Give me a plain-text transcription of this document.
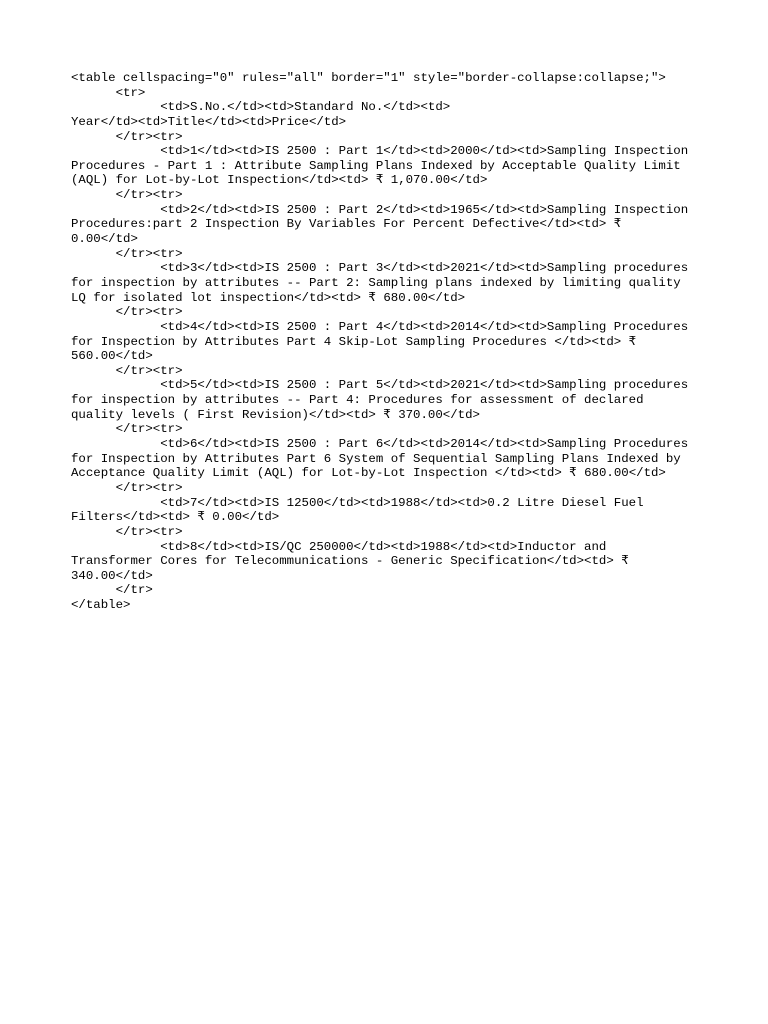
<table cellspacing="0" rules="all" border="1" style="border-collapse:collapse;">
<tr>
<td>S.No.</td><td>Standard No.</td><td>
Year</td><td>Title</td><td>Price</td>
</tr><tr>
<td>1</td><td>IS 2500 : Part 1</td><td>2000</td><td>Sampling Inspection
Procedures - Part 1 : Attribute Sampling Plans Indexed by Acceptable Quality Limit
(AQL) for Lot-by-Lot Inspection</td><td> ₹ 1,070.00</td>
</tr><tr>
<td>2</td><td>IS 2500 : Part 2</td><td>1965</td><td>Sampling Inspection
Procedures:part 2 Inspection By Variables For Percent Defective</td><td> ₹
0.00</td>
</tr><tr>
<td>3</td><td>IS 2500 : Part 3</td><td>2021</td><td>Sampling procedures
for inspection by attributes -- Part 2: Sampling plans indexed by limiting quality
LQ for isolated lot inspection</td><td> ₹ 680.00</td>
</tr><tr>
<td>4</td><td>IS 2500 : Part 4</td><td>2014</td><td>Sampling Procedures
for Inspection by Attributes Part 4 Skip-Lot Sampling Procedures </td><td> ₹
560.00</td>
</tr><tr>
<td>5</td><td>IS 2500 : Part 5</td><td>2021</td><td>Sampling procedures
for inspection by attributes -- Part 4: Procedures for assessment of declared
quality levels ( First Revision)</td><td> ₹ 370.00</td>
</tr><tr>
<td>6</td><td>IS 2500 : Part 6</td><td>2014</td><td>Sampling Procedures
for Inspection by Attributes Part 6 System of Sequential Sampling Plans Indexed by
Acceptance Quality Limit (AQL) for Lot-by-Lot Inspection </td><td> ₹ 680.00</td>
</tr><tr>
<td>7</td><td>IS 12500</td><td>1988</td><td>0.2 Litre Diesel Fuel
Filters</td><td> ₹ 0.00</td>
</tr><tr>
<td>8</td><td>IS/QC 250000</td><td>1988</td><td>Inductor and
Transformer Cores for Telecommunications - Generic Specification</td><td> ₹
340.00</td>
</tr>
</table>
